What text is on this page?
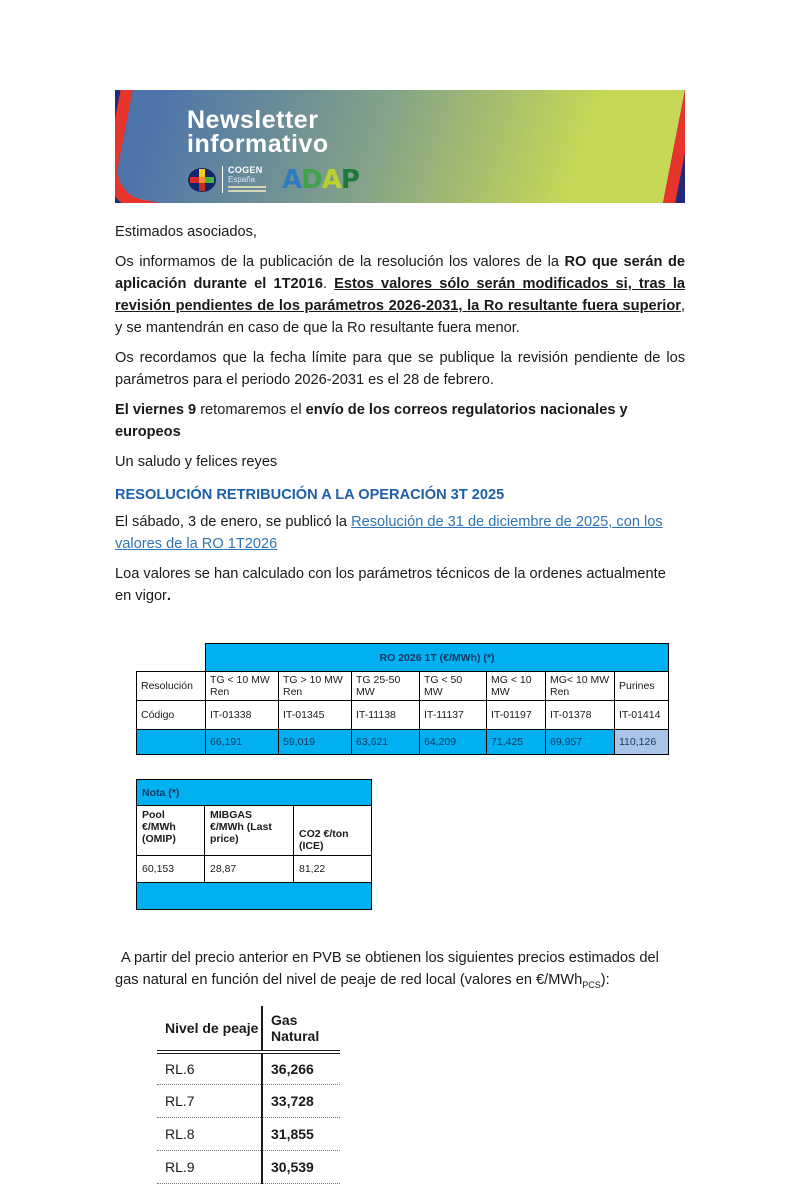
Newsletter
informativo
COGEN
España	ADAP

Estimados asociados,

Os informamos de la publicación de la resolución los valores de la RO que serán de aplicación durante el 1T2016. Estos valores sólo serán modificados si, tras la revisión pendientes de los parámetros 2026-2031, la Ro resultante fuera superior, y se mantendrán en caso de que la Ro resultante fuera menor.

Os recordamos que la fecha límite para que se publique la revisión pendiente de los parámetros para el periodo 2026-2031 es el 28 de febrero.

El viernes 9 retomaremos el envío de los correos regulatorios nacionales y europeos

Un saludo y felices reyes

RESOLUCIÓN RETRIBUCIÓN A LA OPERACIÓN 3T 2025

El sábado, 3 de enero, se publicó la Resolución de 31 de diciembre de 2025, con los valores de la RO 1T2026

Loa valores se han calculado con los parámetros técnicos de la ordenes actualmente en vigor.

	RO 2026 1T (€/MWh) (*)						
Resolución	TG < 10 MW Ren	TG > 10 MW Ren	TG 25-50 MW	TG < 50 MW	MG < 10 MW	MG< 10 MW Ren	Purines
Código	IT-01338	IT-01345	IT-11138	IT-11137	IT-01197	IT-01378	IT-01414
	66,191	59,019	63,621	64,209	71,425	69,957	110,126
Nota (*)		
Pool €/MWh (OMIP)	MIBGAS €/MWh (Last price)	CO2 €/ton (ICE)
60,153	28,87	81,22

A partir del precio anterior en PVB se obtienen los siguientes precios estimados del gas natural en función del nivel de peaje de red local (valores en €/MWh$_{PCS}$):

Nivel de peaje	Gas Natural
RL.6	36,266
RL.7	33,728
RL.8	31,855
RL.9	30,539
